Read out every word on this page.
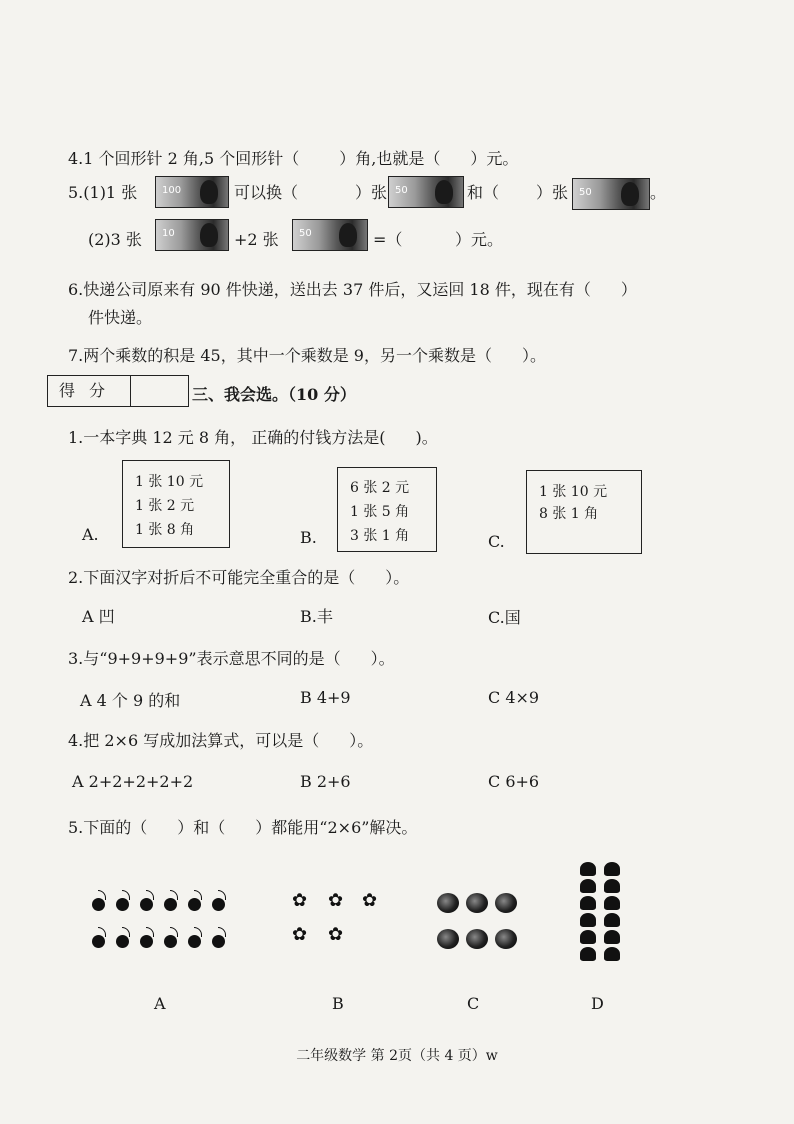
4.1 个回形针 2 角,5 个回形针（	）角,也就是（ ）元。
5.(1)1 张 100	可以换（	）张 50	和（ ）张 50	。
(2)3 张 10	+2 张 50	=（	）元。
6.快递公司原来有 90 件快递，送出去 37 件后，又运回 18 件，现在有（ ）
件快递。
7.两个乘数的积是 45，其中一个乘数是 9，另一个乘数是（ ）。
得分	三、我会选。（10 分）
1.一本字典 12 元 8 角， 正确的付钱方法是( )。
A.
1 张 10 元
1 张 2 元
1 张 8 角	B.
6 张 2 元
1 张 5 角
3 张 1 角	C.
1 张 10 元
8 张 1 角
2.下面汉字对折后不可能完全重合的是（ ）。
A 凹	B.丰	C.国
3.与“9+9+9+9”表示意思不同的是（ ）。
A 4 个 9 的和	B 4+9	C 4×9
4.把 2×6 写成加法算式，可以是（ ）。
A 2+2+2+2+2	B 2+6	C 6+6
5.下面的（ ）和（ ）都能用“2×6”解决。
✿ ✿ ✿
✿ ✿
A	B	C	D
二年级数学 第 2页（共 4 页）w
